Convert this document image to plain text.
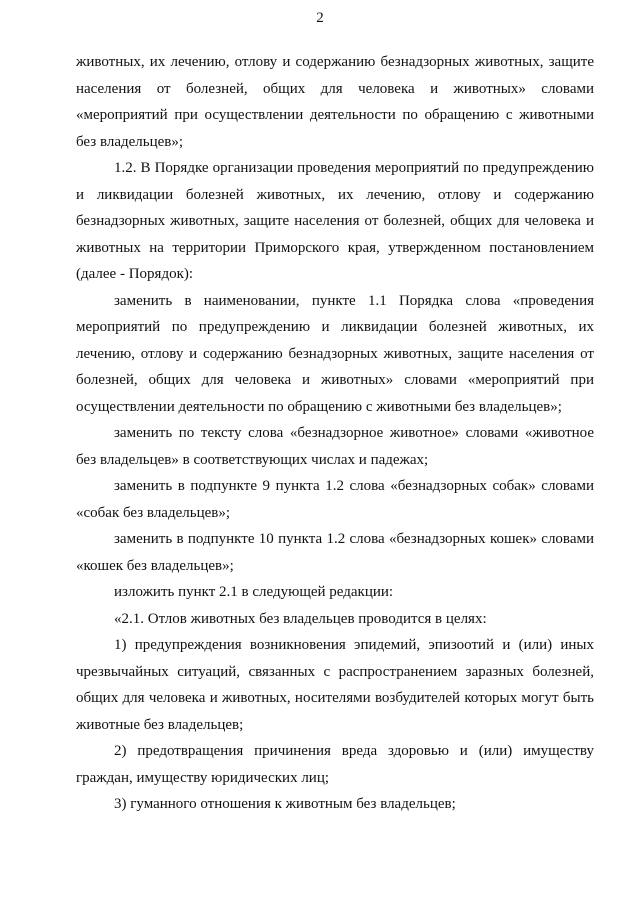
2

животных, их лечению, отлову и содержанию безнадзорных животных, защите населения от болезней, общих для человека и животных» словами «мероприятий при осуществлении деятельности по обращению с животными без владельцев»;

1.2. В Порядке организации проведения мероприятий по предупреждению и ликвидации болезней животных, их лечению, отлову и содержанию безнадзорных животных, защите населения от болезней, общих для человека и животных на территории Приморского края, утвержденном постановлением (далее - Порядок):

заменить в наименовании, пункте 1.1 Порядка слова «проведения мероприятий по предупреждению и ликвидации болезней животных, их лечению, отлову и содержанию безнадзорных животных, защите населения от болезней, общих для человека и животных» словами «мероприятий при осуществлении деятельности по обращению с животными без владельцев»;

заменить по тексту слова «безнадзорное животное» словами «животное без владельцев» в соответствующих числах и падежах;

заменить в подпункте 9 пункта 1.2 слова «безнадзорных собак» словами «собак без владельцев»;

заменить в подпункте 10 пункта 1.2 слова «безнадзорных кошек» словами «кошек без владельцев»;

изложить пункт 2.1 в следующей редакции:

«2.1. Отлов животных без владельцев проводится в целях:

1) предупреждения возникновения эпидемий, эпизоотий и (или) иных чрезвычайных ситуаций, связанных с распространением заразных болезней, общих для человека и животных, носителями возбудителей которых могут быть животные без владельцев;

2) предотвращения причинения вреда здоровью и (или) имуществу граждан, имуществу юридических лиц;

3) гуманного отношения к животным без владельцев;
